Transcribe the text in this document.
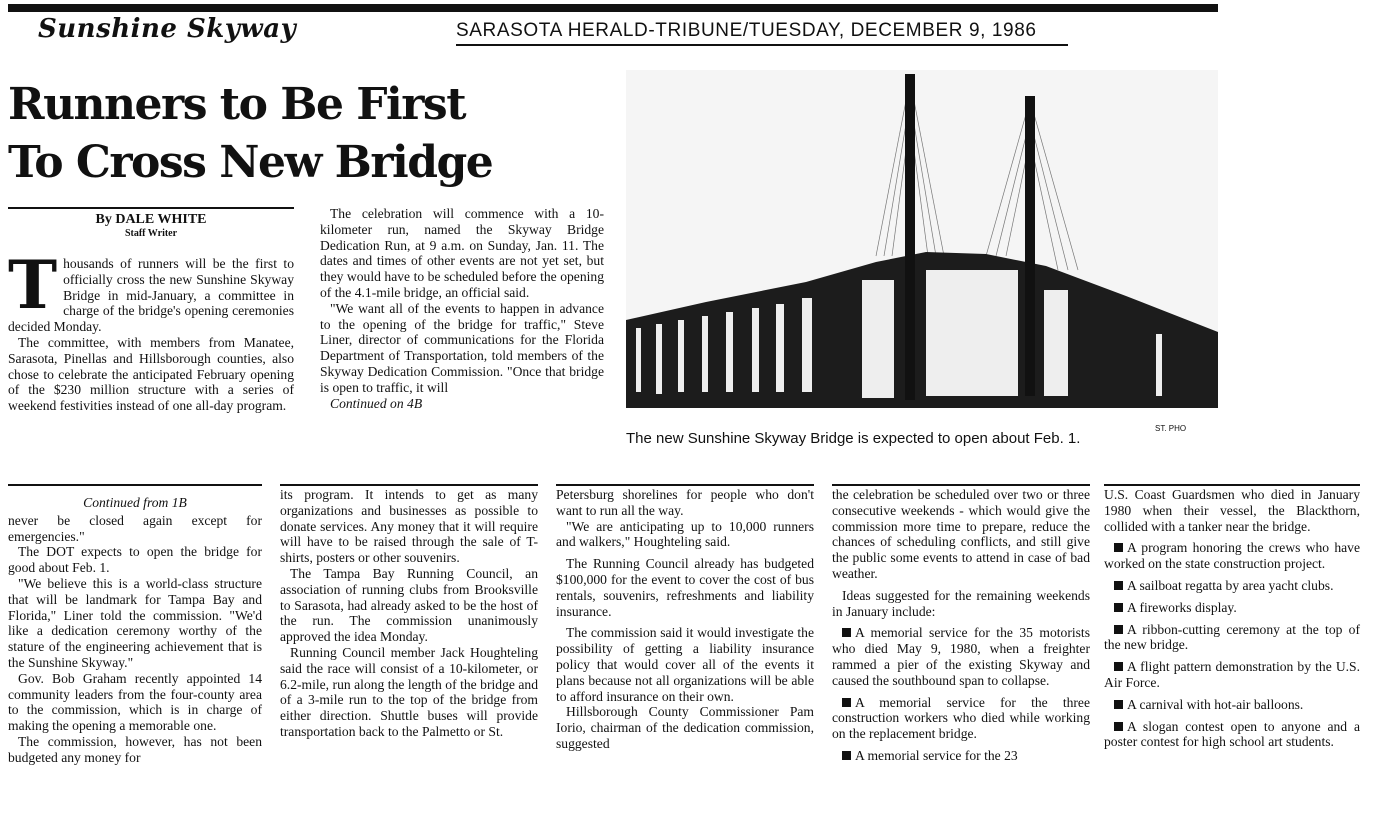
Sunshine Skyway	SARASOTA HERALD-TRIBUNE/TUESDAY, DECEMBER 9, 1986
Runners to Be First
To Cross New Bridge
By DALE WHITE
Staff Writer

Thousands of runners will be the first to officially cross the new Sunshine Skyway Bridge in mid-January, a committee in charge of the bridge's opening ceremonies decided Monday.

The committee, with members from Manatee, Sarasota, Pinellas and Hillsborough counties, also chose to celebrate the anticipated February opening of the $230 million structure with a series of weekend festivities instead of one all-day program.

The celebration will commence with a 10-kilometer run, named the Skyway Bridge Dedication Run, at 9 a.m. on Sunday, Jan. 11. The dates and times of other events are not yet set, but they would have to be scheduled before the opening of the 4.1-mile bridge, an official said.

"We want all of the events to happen in advance to the opening of the bridge for traffic," Steve Liner, director of communications for the Florida Department of Transportation, told members of the Skyway Dedication Commission. "Once that bridge is open to traffic, it will

Continued on 4B

ST. PHO
The new Sunshine Skyway Bridge is expected to open about Feb. 1.
Continued from 1B

never be closed again except for emergencies."

The DOT expects to open the bridge for good about Feb. 1.

"We believe this is a world-class structure that will be landmark for Tampa Bay and Florida," Liner told the commission. "We'd like a dedication ceremony worthy of the stature of the engineering achievement that is the Sunshine Skyway."

Gov. Bob Graham recently appointed 14 community leaders from the four-county area to the commission, which is in charge of making the opening a memorable one.

The commission, however, has not been budgeted any money for

its program. It intends to get as many organizations and businesses as possible to donate services. Any money that it will require will have to be raised through the sale of T-shirts, posters or other souvenirs.

The Tampa Bay Running Council, an association of running clubs from Brooksville to Sarasota, had already asked to be the host of the run. The commission unanimously approved the idea Monday.

Running Council member Jack Houghteling said the race will consist of a 10-kilometer, or 6.2-mile, run along the length of the bridge and of a 3-mile run to the top of the bridge from either direction. Shuttle buses will provide transportation back to the Palmetto or St.

Petersburg shorelines for people who don't want to run all the way.

"We are anticipating up to 10,000 runners and walkers," Houghteling said.

The Running Council already has budgeted $100,000 for the event to cover the cost of bus rentals, souvenirs, refreshments and liability insurance.

The commission said it would investigate the possibility of getting a liability insurance policy that would cover all of the events it plans because not all organizations will be able to afford insurance on their own.

Hillsborough County Commissioner Pam Iorio, chairman of the dedication commission, suggested

the celebration be scheduled over two or three consecutive weekends - which would give the commission more time to prepare, reduce the chances of scheduling conflicts, and still give the public some events to attend in case of bad weather.

Ideas suggested for the remaining weekends in January include:

A memorial service for the 35 motorists who died May 9, 1980, when a freighter rammed a pier of the existing Skyway and caused the southbound span to collapse.

A memorial service for the three construction workers who died while working on the replacement bridge.

A memorial service for the 23

U.S. Coast Guardsmen who died in January 1980 when their vessel, the Blackthorn, collided with a tanker near the bridge.

A program honoring the crews who have worked on the state construction project.

A sailboat regatta by area yacht clubs.

A fireworks display.

A ribbon-cutting ceremony at the top of the new bridge.

A flight pattern demonstration by the U.S. Air Force.

A carnival with hot-air balloons.

A slogan contest open to anyone and a poster contest for high school art students.
